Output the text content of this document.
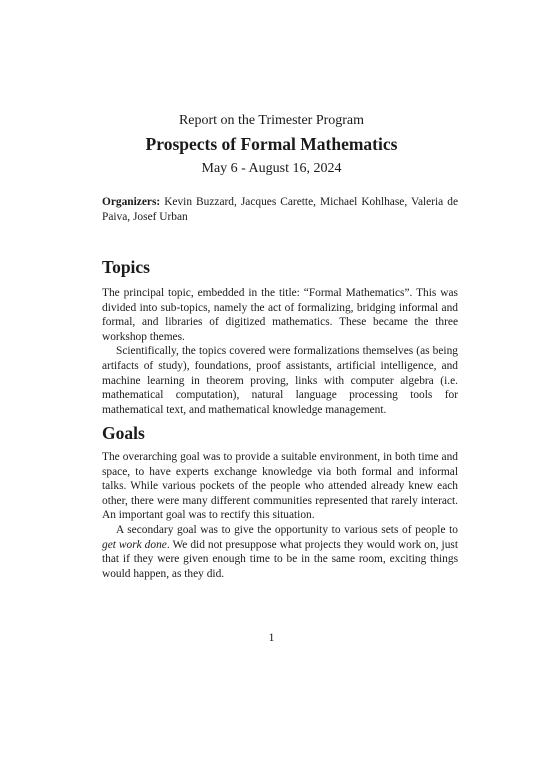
Report on the Trimester Program
Prospects of Formal Mathematics
May 6 - August 16, 2024
Organizers: Kevin Buzzard, Jacques Carette, Michael Kohlhase, Valeria de Paiva, Josef Urban
Topics

The principal topic, embedded in the title: “Formal Mathematics”. This was divided into sub-topics, namely the act of formalizing, bridging informal and formal, and libraries of digitized mathematics. These became the three workshop themes.

Scientifically, the topics covered were formalizations themselves (as being artifacts of study), foundations, proof assistants, artificial intelligence, and machine learning in theorem proving, links with computer algebra (i.e. mathematical computation), natural language processing tools for mathematical text, and mathematical knowledge management.

Goals

The overarching goal was to provide a suitable environment, in both time and space, to have experts exchange knowledge via both formal and informal talks. While various pockets of the people who attended already knew each other, there were many different communities represented that rarely interact. An important goal was to rectify this situation.

A secondary goal was to give the opportunity to various sets of people to get work done. We did not presuppose what projects they would work on, just that if they were given enough time to be in the same room, exciting things would happen, as they did.

1
